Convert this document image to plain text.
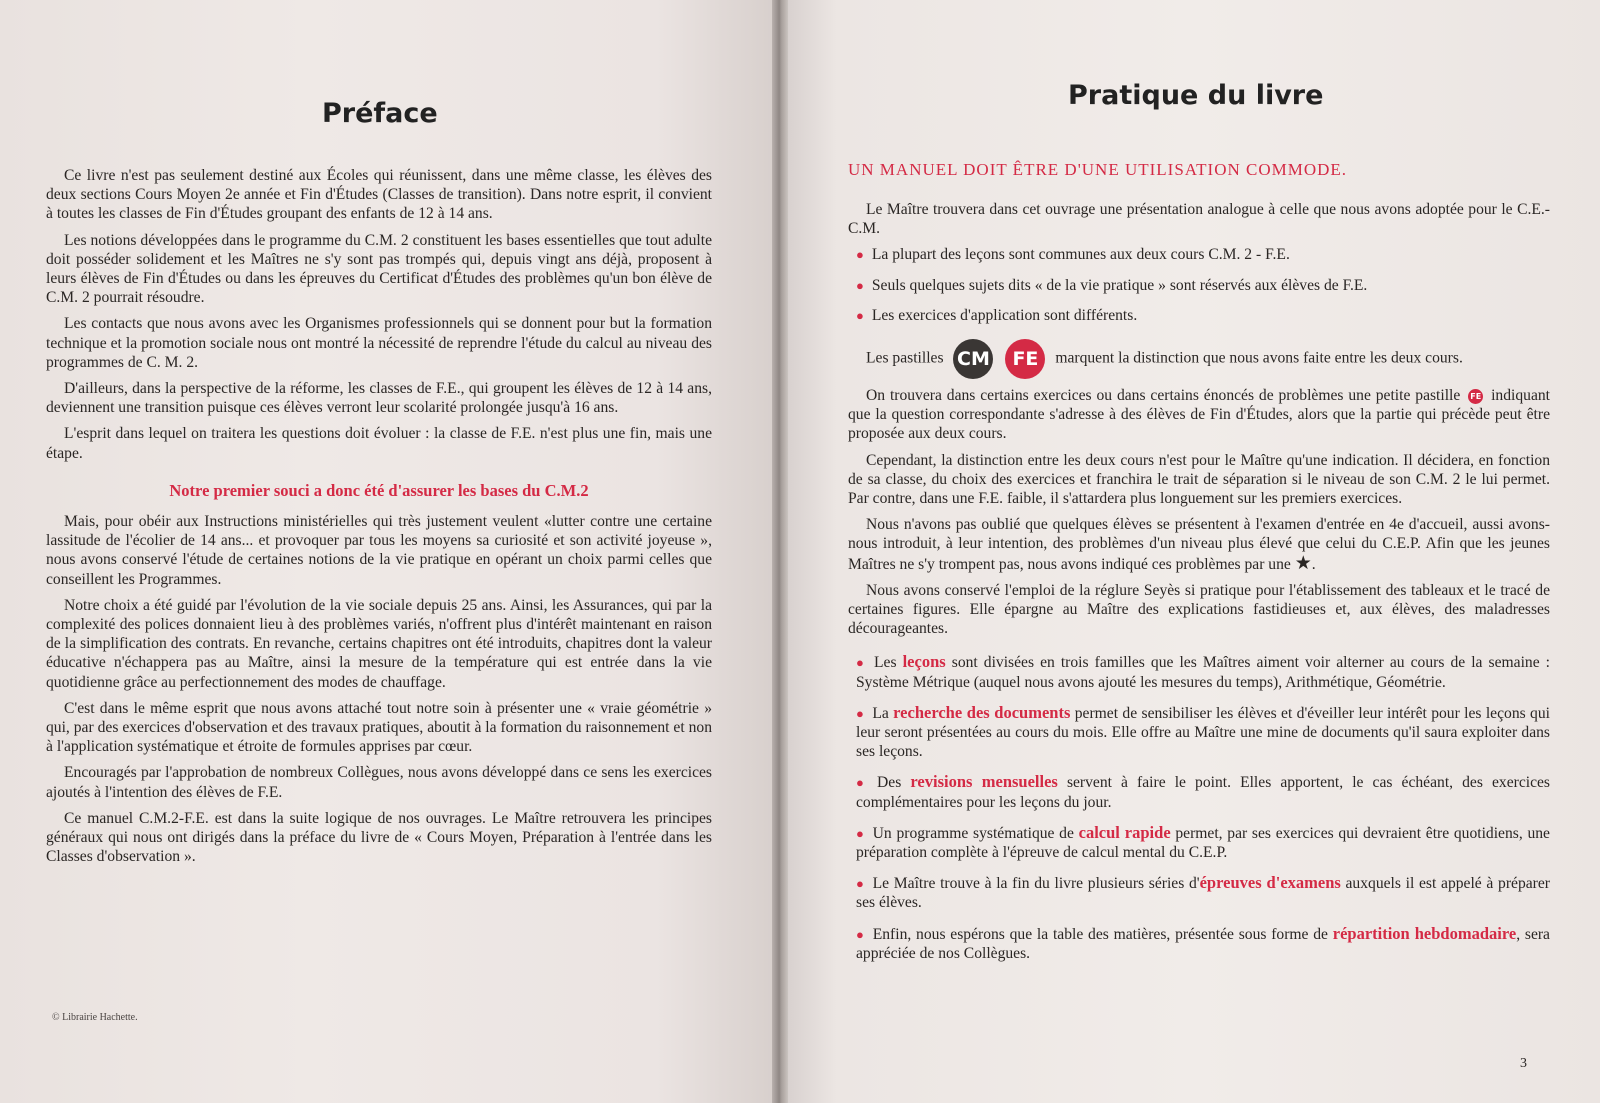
Préface

Ce livre n'est pas seulement destiné aux Écoles qui réunissent, dans une même classe, les élèves des deux sections Cours Moyen 2e année et Fin d'Études (Classes de transition). Dans notre esprit, il convient à toutes les classes de Fin d'Études groupant des enfants de 12 à 14 ans.

Les notions développées dans le programme du C.M. 2 constituent les bases essentielles que tout adulte doit posséder solidement et les Maîtres ne s'y sont pas trompés qui, depuis vingt ans déjà, proposent à leurs élèves de Fin d'Études ou dans les épreuves du Certificat d'Études des problèmes qu'un bon élève de C.M. 2 pourrait résoudre.

Les contacts que nous avons avec les Organismes professionnels qui se donnent pour but la formation technique et la promotion sociale nous ont montré la nécessité de reprendre l'étude du calcul au niveau des programmes de C. M. 2.

D'ailleurs, dans la perspective de la réforme, les classes de F.E., qui groupent les élèves de 12 à 14 ans, deviennent une transition puisque ces élèves verront leur scolarité prolongée jusqu'à 16 ans.

L'esprit dans lequel on traitera les questions doit évoluer : la classe de F.E. n'est plus une fin, mais une étape.

Notre premier souci a donc été d'assurer les bases du C.M.2

Mais, pour obéir aux Instructions ministérielles qui très justement veulent «lutter contre une certaine lassitude de l'écolier de 14 ans... et provoquer par tous les moyens sa curiosité et son activité joyeuse », nous avons conservé l'étude de certaines notions de la vie pratique en opérant un choix parmi celles que conseillent les Programmes.

Notre choix a été guidé par l'évolution de la vie sociale depuis 25 ans. Ainsi, les Assurances, qui par la complexité des polices donnaient lieu à des problèmes variés, n'offrent plus d'intérêt maintenant en raison de la simplification des contrats. En revanche, certains chapitres ont été introduits, chapitres dont la valeur éducative n'échappera pas au Maître, ainsi la mesure de la température qui est entrée dans la vie quotidienne grâce au perfectionnement des modes de chauffage.

C'est dans le même esprit que nous avons attaché tout notre soin à présenter une « vraie géométrie » qui, par des exercices d'observation et des travaux pratiques, aboutit à la formation du raisonnement et non à l'application systématique et étroite de formules apprises par cœur.

Encouragés par l'approbation de nombreux Collègues, nous avons développé dans ce sens les exercices ajoutés à l'intention des élèves de F.E.

Ce manuel C.M.2-F.E. est dans la suite logique de nos ouvrages. Le Maître retrouvera les principes généraux qui nous ont dirigés dans la préface du livre de « Cours Moyen, Préparation à l'entrée dans les Classes d'observation ».

© Librairie Hachette.
Pratique du livre
UN MANUEL DOIT ÊTRE D'UNE UTILISATION COMMODE.

Le Maître trouvera dans cet ouvrage une présentation analogue à celle que nous avons adoptée pour le C.E.-C.M.

● La plupart des leçons sont communes aux deux cours C.M. 2 - F.E.

● Seuls quelques sujets dits « de la vie pratique » sont réservés aux élèves de F.E.

● Les exercices d'application sont différents.

Les pastilles CM FE marquent la distinction que nous avons faite entre les deux cours.

On trouvera dans certains exercices ou dans certains énoncés de problèmes une petite pastille FE indiquant que la question correspondante s'adresse à des élèves de Fin d'Études, alors que la partie qui précède peut être proposée aux deux cours.

Cependant, la distinction entre les deux cours n'est pour le Maître qu'une indication. Il décidera, en fonction de sa classe, du choix des exercices et franchira le trait de séparation si le niveau de son C.M. 2 le lui permet. Par contre, dans une F.E. faible, il s'attardera plus longuement sur les premiers exercices.

Nous n'avons pas oublié que quelques élèves se présentent à l'examen d'entrée en 4e d'accueil, aussi avons-nous introduit, à leur intention, des problèmes d'un niveau plus élevé que celui du C.E.P. Afin que les jeunes Maîtres ne s'y trompent pas, nous avons indiqué ces problèmes par une ★.

Nous avons conservé l'emploi de la réglure Seyès si pratique pour l'établissement des tableaux et le tracé de certaines figures. Elle épargne au Maître des explications fastidieuses et, aux élèves, des maladresses décourageantes.

● Les leçons sont divisées en trois familles que les Maîtres aiment voir alterner au cours de la semaine : Système Métrique (auquel nous avons ajouté les mesures du temps), Arithmétique, Géométrie.

● La recherche des documents permet de sensibiliser les élèves et d'éveiller leur intérêt pour les leçons qui leur seront présentées au cours du mois. Elle offre au Maître une mine de documents qu'il saura exploiter dans ses leçons.

● Des revisions mensuelles servent à faire le point. Elles apportent, le cas échéant, des exercices complémentaires pour les leçons du jour.

● Un programme systématique de calcul rapide permet, par ses exercices qui devraient être quotidiens, une préparation complète à l'épreuve de calcul mental du C.E.P.

● Le Maître trouve à la fin du livre plusieurs séries d'épreuves d'examens auxquels il est appelé à préparer ses élèves.

● Enfin, nous espérons que la table des matières, présentée sous forme de répartition hebdomadaire, sera appréciée de nos Collègues.

3
